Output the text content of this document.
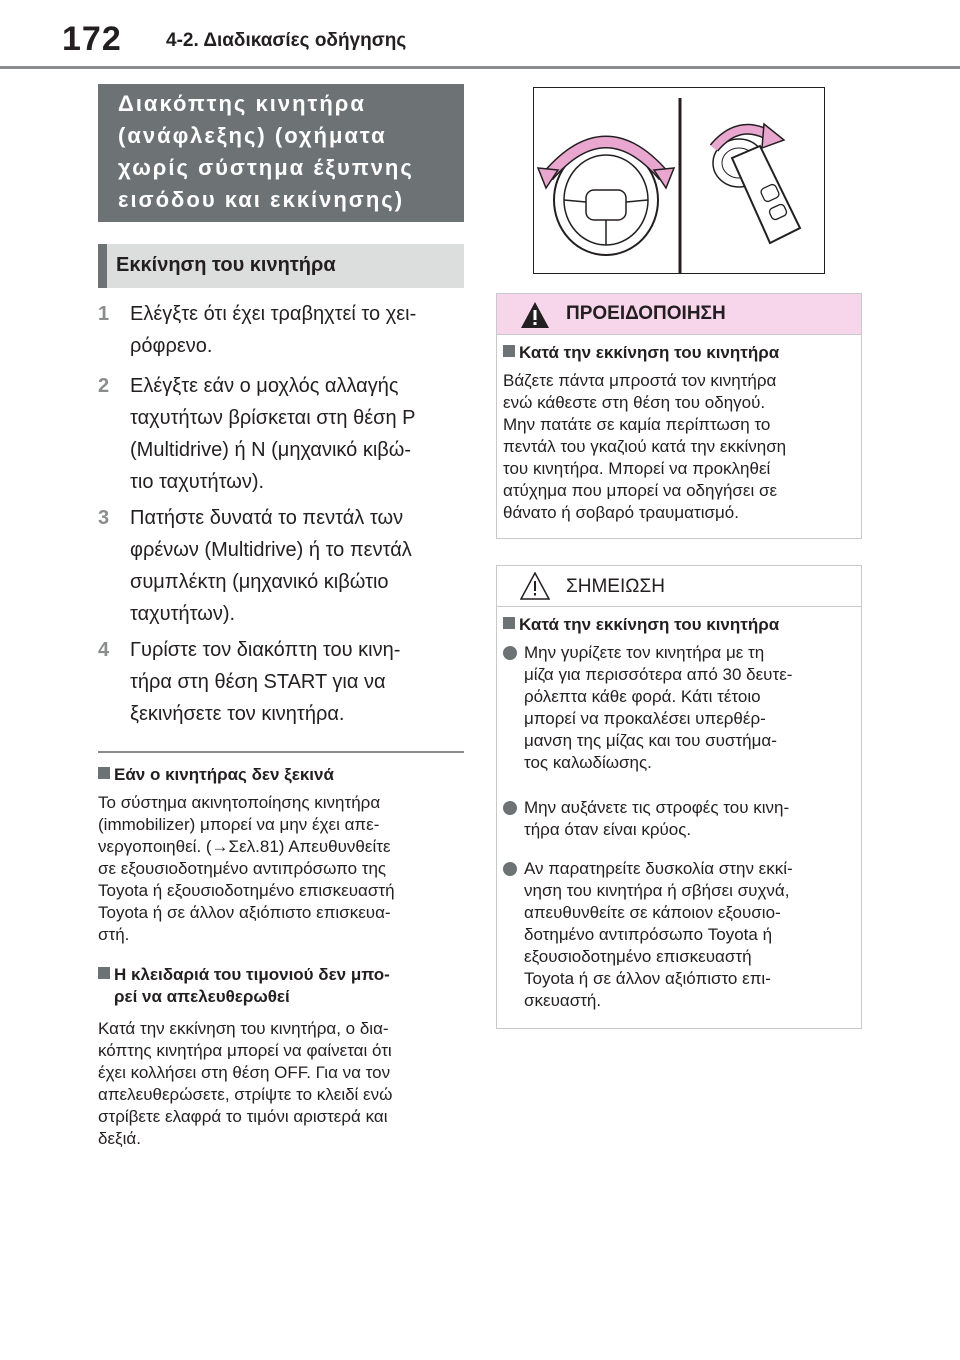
172 4-2. Διαδικασίες οδήγησης
Διακόπτης κινητήρα
(ανάφλεξης) (οχήματα
χωρίς σύστημα έξυπνης
εισόδου και εκκίνησης)
Εκκίνηση του κινητήρα
1 Ελέγξτε ότι έχει τραβηχτεί το χει-
ρόφρενο.
2 Ελέγξτε εάν ο μοχλός αλλαγής
ταχυτήτων βρίσκεται στη θέση P
(Multidrive) ή N (μηχανικό κιβώ-
τιο ταχυτήτων).
3 Πατήστε δυνατά το πεντάλ των
φρένων (Multidrive) ή το πεντάλ
συμπλέκτη (μηχανικό κιβώτιο
ταχυτήτων).
4 Γυρίστε τον διακόπτη του κινη-
τήρα στη θέση START για να
ξεκινήσετε τον κινητήρα.
Εάν ο κινητήρας δεν ξεκινά
Το σύστημα ακινητοποίησης κινητήρα
(immobilizer) μπορεί να μην έχει απε-
νεργοποιηθεί. (→Σελ.81) Απευθυνθείτε
σε εξουσιοδοτημένο αντιπρόσωπο της
Toyota ή εξουσιοδοτημένο επισκευαστή
Toyota ή σε άλλον αξιόπιστο επισκευα-
στή.
Η κλειδαριά του τιμονιού δεν μπο-
ρεί να απελευθερωθεί
Κατά την εκκίνηση του κινητήρα, ο δια-
κόπτης κινητήρα μπορεί να φαίνεται ότι
έχει κολλήσει στη θέση OFF. Για να τον
απελευθερώσετε, στρίψτε το κλειδί ενώ
στρίβετε ελαφρά το τιμόνι αριστερά και
δεξιά.
ΠΡΟΕΙΔΟΠΟΙΗΣΗ
Κατά την εκκίνηση του κινητήρα
Βάζετε πάντα μπροστά τον κινητήρα
ενώ κάθεστε στη θέση του οδηγού.
Μην πατάτε σε καμία περίπτωση το
πεντάλ του γκαζιού κατά την εκκίνηση
του κινητήρα. Μπορεί να προκληθεί
ατύχημα που μπορεί να οδηγήσει σε
θάνατο ή σοβαρό τραυματισμό.
ΣΗΜΕΙΩΣΗ
Κατά την εκκίνηση του κινητήρα
Μην γυρίζετε τον κινητήρα με τη
μίζα για περισσότερα από 30 δευτε-
ρόλεπτα κάθε φορά. Κάτι τέτοιο
μπορεί να προκαλέσει υπερθέρ-
μανση της μίζας και του συστήμα-
τος καλωδίωσης.
Μην αυξάνετε τις στροφές του κινη-
τήρα όταν είναι κρύος.
Αν παρατηρείτε δυσκολία στην εκκί-
νηση του κινητήρα ή σβήσει συχνά,
απευθυνθείτε σε κάποιον εξουσιο-
δοτημένο αντιπρόσωπο Toyota ή
εξουσιοδοτημένο επισκευαστή
Toyota ή σε άλλον αξιόπιστο επι-
σκευαστή.
